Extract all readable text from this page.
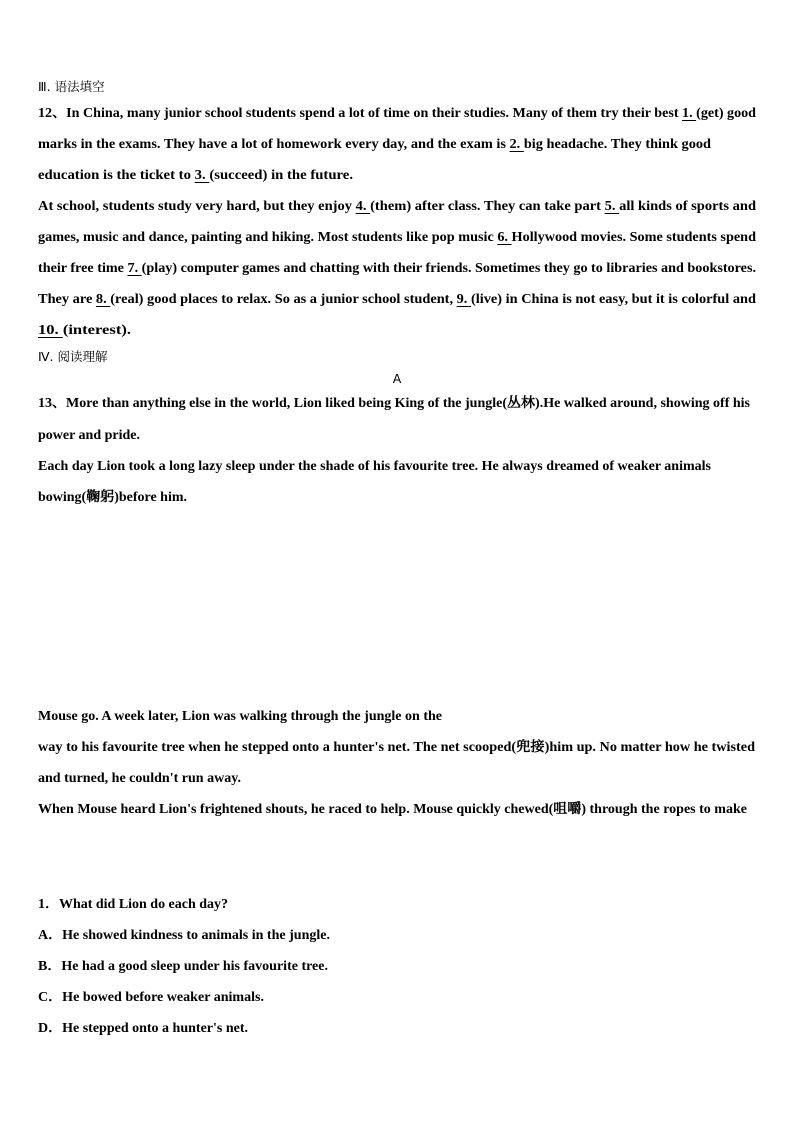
Ⅲ. 语法填空
12、In China, many junior school students spend a lot of time on their studies. Many of them try their best 1. (get) good
marks in the exams. They have a lot of homework every day, and the exam is 2. big headache. They think good
education is the ticket to 3. (succeed) in the future.
At school, students study very hard, but they enjoy 4. (them) after class. They can take part 5. all kinds of sports and
games, music and dance, painting and hiking. Most students like pop music 6. Hollywood movies. Some students spend
their free time 7. (play) computer games and chatting with their friends. Sometimes they go to libraries and bookstores.
They are 8. (real) good places to relax. So as a junior school student, 9. (live) in China is not easy, but it is colorful and
10. (interest).
Ⅳ. 阅读理解
A
13、More than anything else in the world, Lion liked being King of the jungle(丛林).He walked around, showing off his
power and pride.
Each day Lion took a long lazy sleep under the shade of his favourite tree. He always dreamed of weaker animals
bowing(鞠躬)before him.
Mouse go. A week later, Lion was walking through the jungle on the
way to his favourite tree when he stepped onto a hunter's net. The net scooped(兜接)him up. No matter how he twisted
and turned, he couldn't run away.
When Mouse heard Lion's frightened shouts, he raced to help. Mouse quickly chewed(咀嚼) through the ropes to make
1．What did Lion do each day?
A．He showed kindness to animals in the jungle.
B．He had a good sleep under his favourite tree.
C．He bowed before weaker animals.
D．He stepped onto a hunter's net.
